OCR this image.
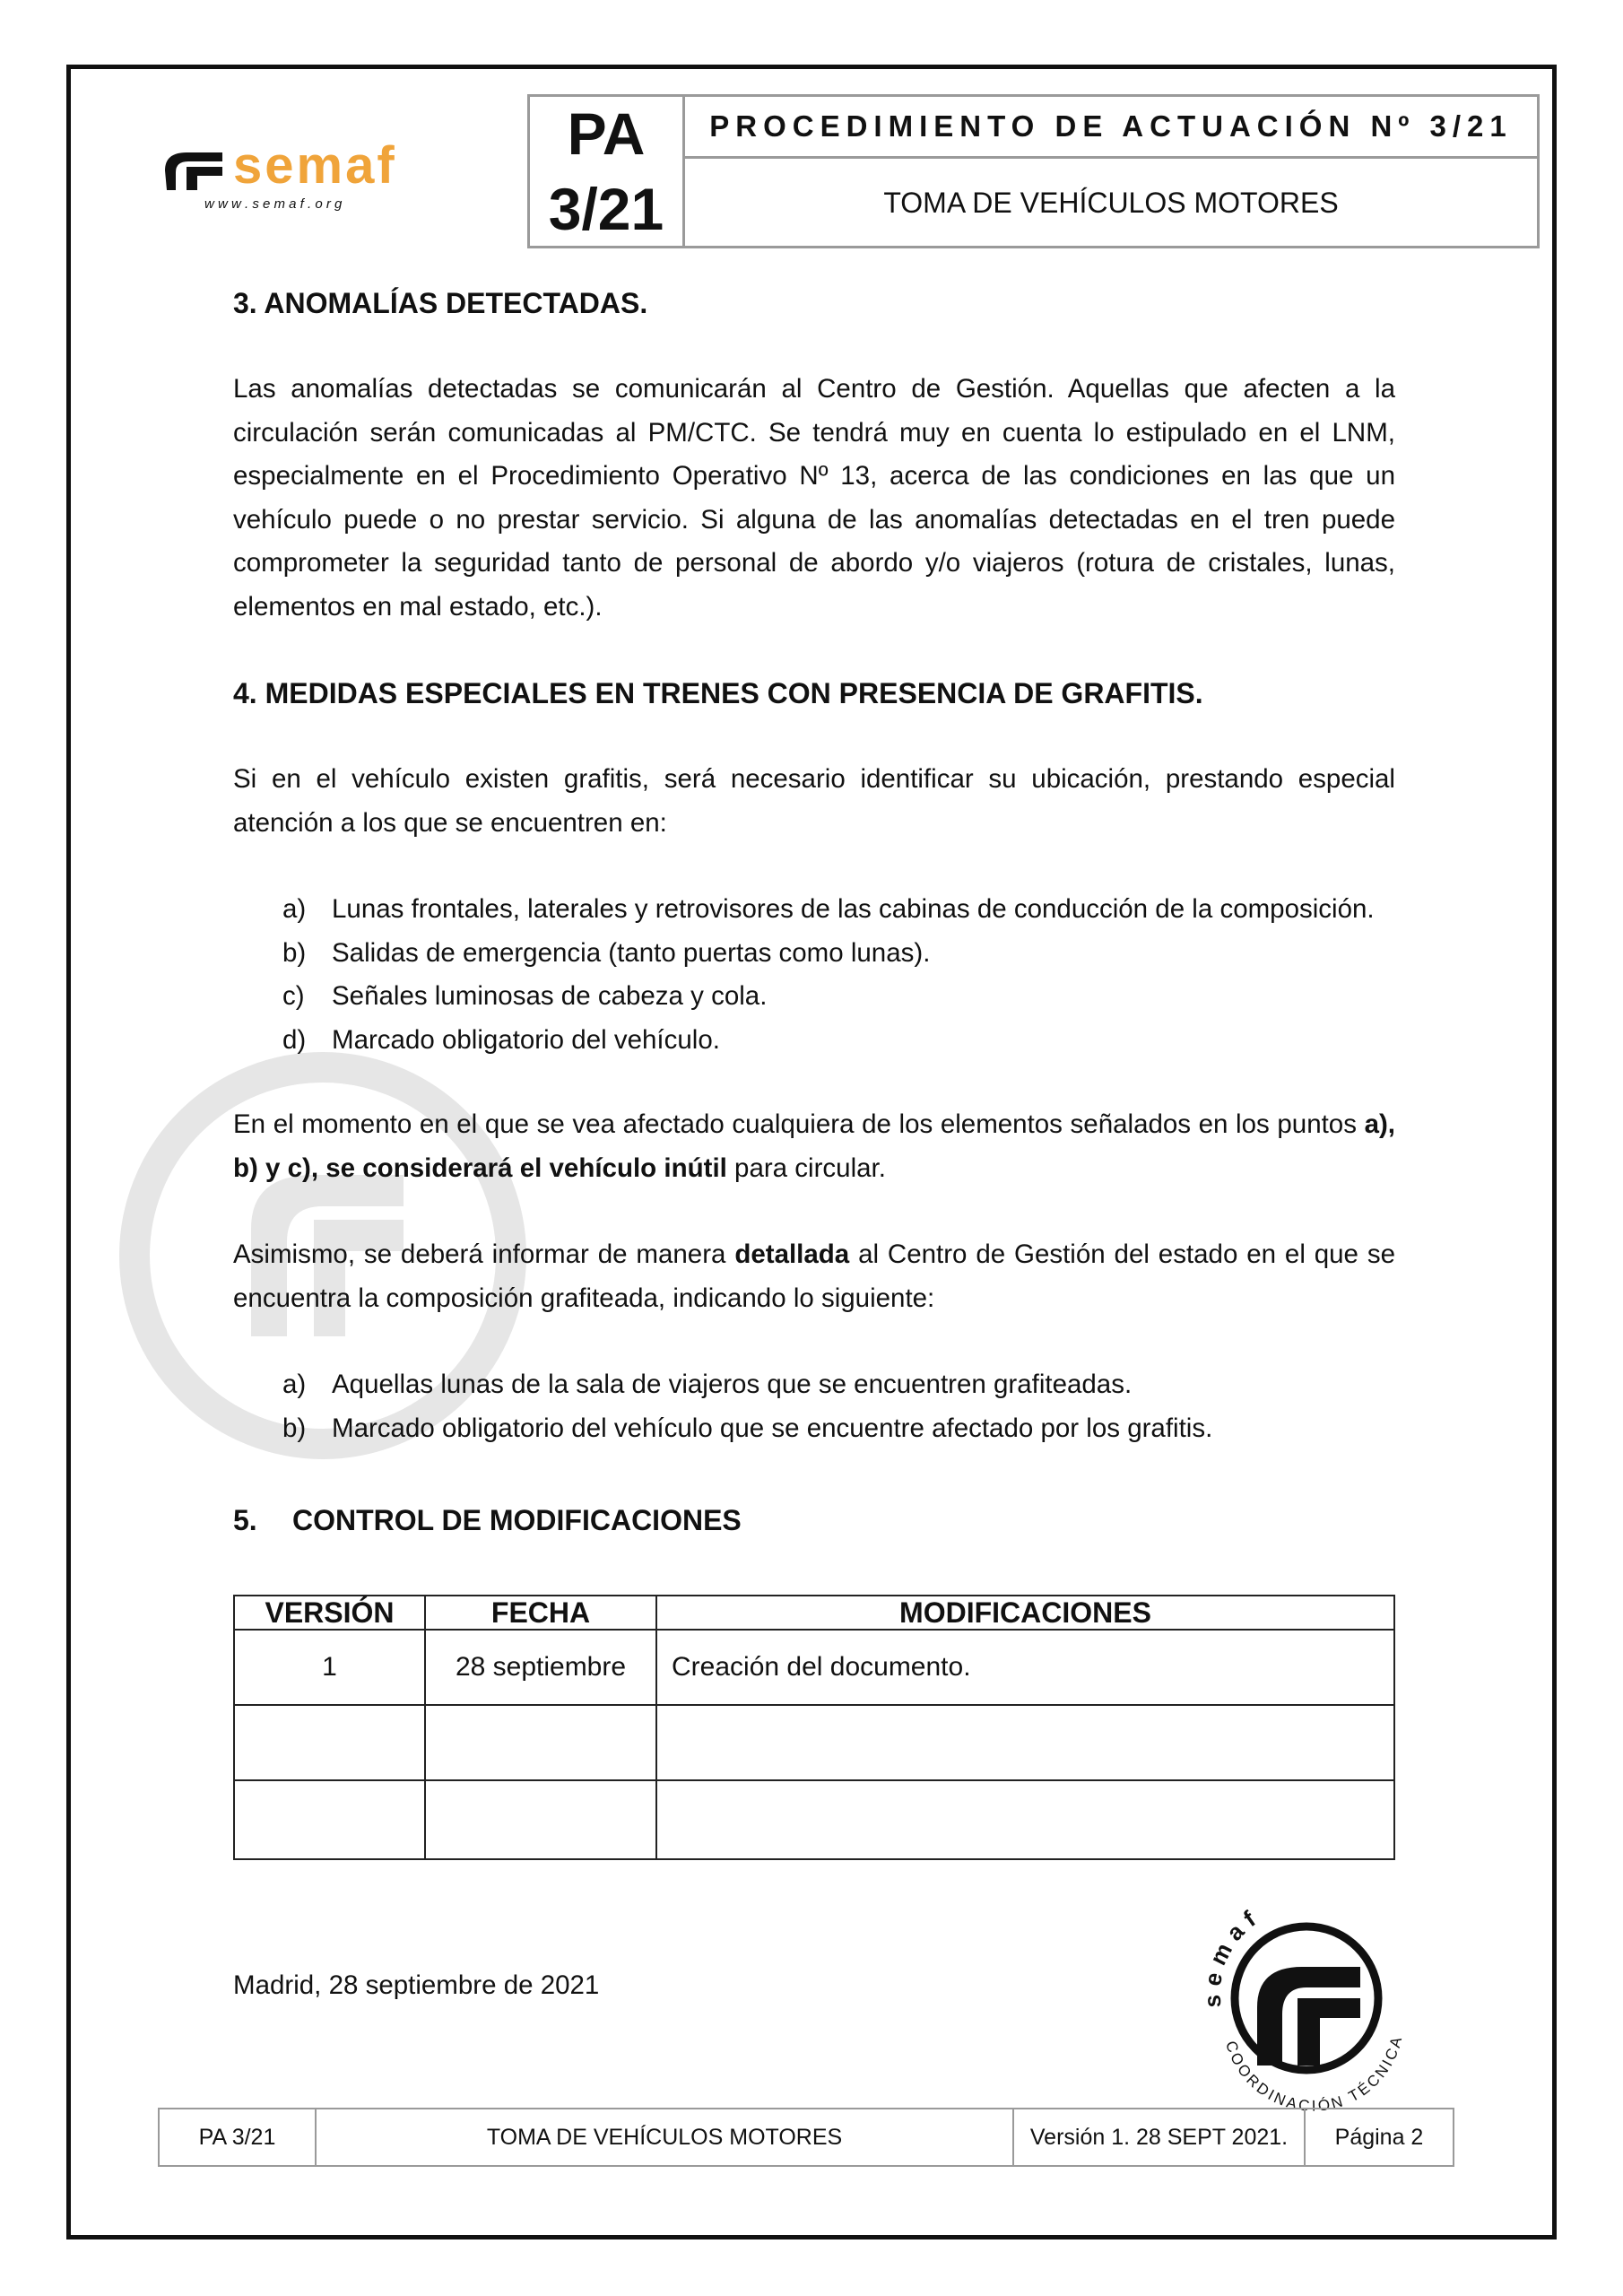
semaf
w w w . s e m a f . o r g
PA
3/21
PROCEDIMIENTO DE ACTUACIÓN Nº 3/21
TOMA DE VEHÍCULOS MOTORES
3. ANOMALÍAS DETECTADAS.

Las anomalías detectadas se comunicarán al Centro de Gestión. Aquellas que afecten a la circulación serán comunicadas al PM/CTC. Se tendrá muy en cuenta lo estipulado en el LNM, especialmente en el Procedimiento Operativo Nº 13, acerca de las condiciones en las que un vehículo puede o no prestar servicio. Si alguna de las anomalías detectadas en el tren puede comprometer la seguridad tanto de personal de abordo y/o viajeros (rotura de cristales, lunas, elementos en mal estado, etc.).

4. MEDIDAS ESPECIALES EN TRENES CON PRESENCIA DE GRAFITIS.

Si en el vehículo existen grafitis, será necesario identificar su ubicación, prestando especial atención a los que se encuentren en:

a) Lunas frontales, laterales y retrovisores de las cabinas de conducción de la composición.
b) Salidas de emergencia (tanto puertas como lunas).
c) Señales luminosas de cabeza y cola.
d) Marcado obligatorio del vehículo.

En el momento en el que se vea afectado cualquiera de los elementos señalados en los puntos a), b) y c), se considerará el vehículo inútil para circular.

Asimismo, se deberá informar de manera detallada al Centro de Gestión del estado en el que se encuentra la composición grafiteada, indicando lo siguiente:

a) Aquellas lunas de la sala de viajeros que se encuentren grafiteadas.
b) Marcado obligatorio del vehículo que se encuentre afectado por los grafitis.
5. CONTROL DE MODIFICACIONES
VERSIÓN	FECHA	MODIFICACIONES
1	28 septiembre	Creación del documento.

semaf
COORDINACIÓN TÉCNICA
Madrid, 28 septiembre de 2021
PA 3/21	TOMA DE VEHÍCULOS MOTORES	Versión 1. 28 SEPT 2021.	Página 2
